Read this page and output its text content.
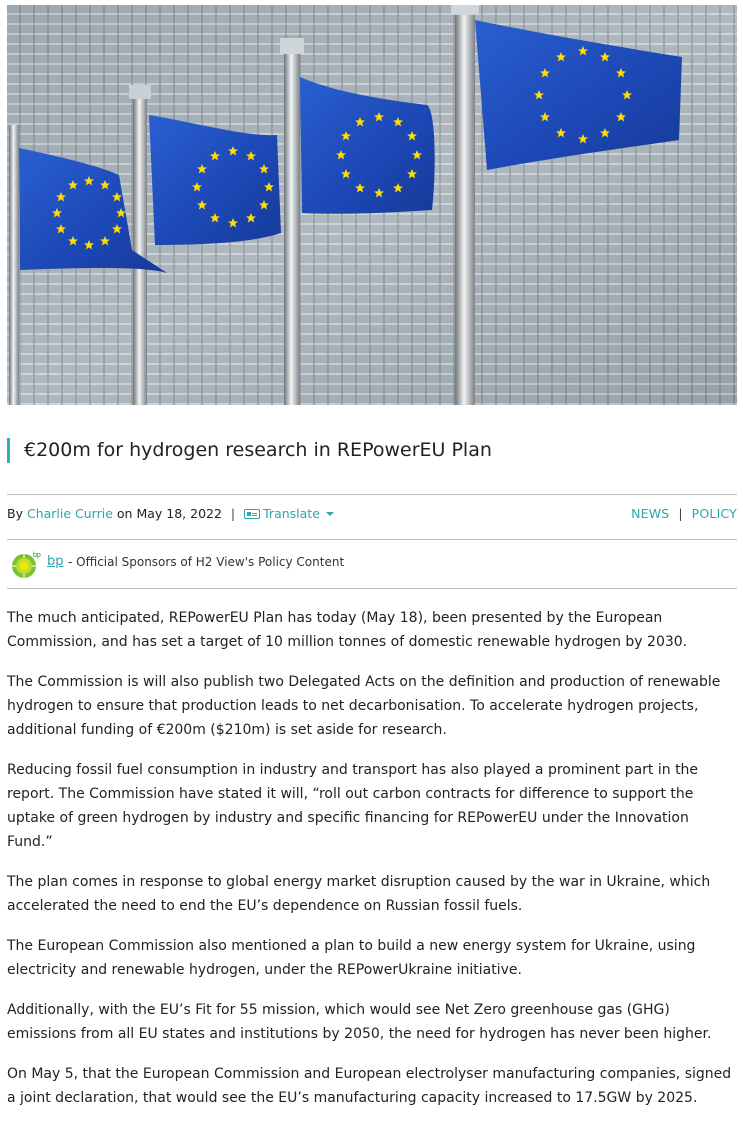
€200m for hydrogen research in REPowerEU Plan
By Charlie Currie on May 18, 2022 | Translate	NEWS | POLICY
bp bp - Official Sponsors of H2 View's Policy Content

The much anticipated, REPowerEU Plan has today (May 18), been presented by the European Commission, and has set a target of 10 million tonnes of domestic renewable hydrogen by 2030.

The Commission is will also publish two Delegated Acts on the definition and production of renewable hydrogen to ensure that production leads to net decarbonisation. To accelerate hydrogen projects, additional funding of €200m ($210m) is set aside for research.

Reducing fossil fuel consumption in industry and transport has also played a prominent part in the report. The Commission have stated it will, “roll out carbon contracts for difference to support the uptake of green hydrogen by industry and specific financing for REPowerEU under the Innovation Fund.”

The plan comes in response to global energy market disruption caused by the war in Ukraine, which accelerated the need to end the EU’s dependence on Russian fossil fuels.

The European Commission also mentioned a plan to build a new energy system for Ukraine, using electricity and renewable hydrogen, under the REPowerUkraine initiative.

Additionally, with the EU’s Fit for 55 mission, which would see Net Zero greenhouse gas (GHG) emissions from all EU states and institutions by 2050, the need for hydrogen has never been higher.

On May 5, that the European Commission and European electrolyser manufacturing companies, signed a joint declaration, that would see the EU’s manufacturing capacity increased to 17.5GW by 2025.
